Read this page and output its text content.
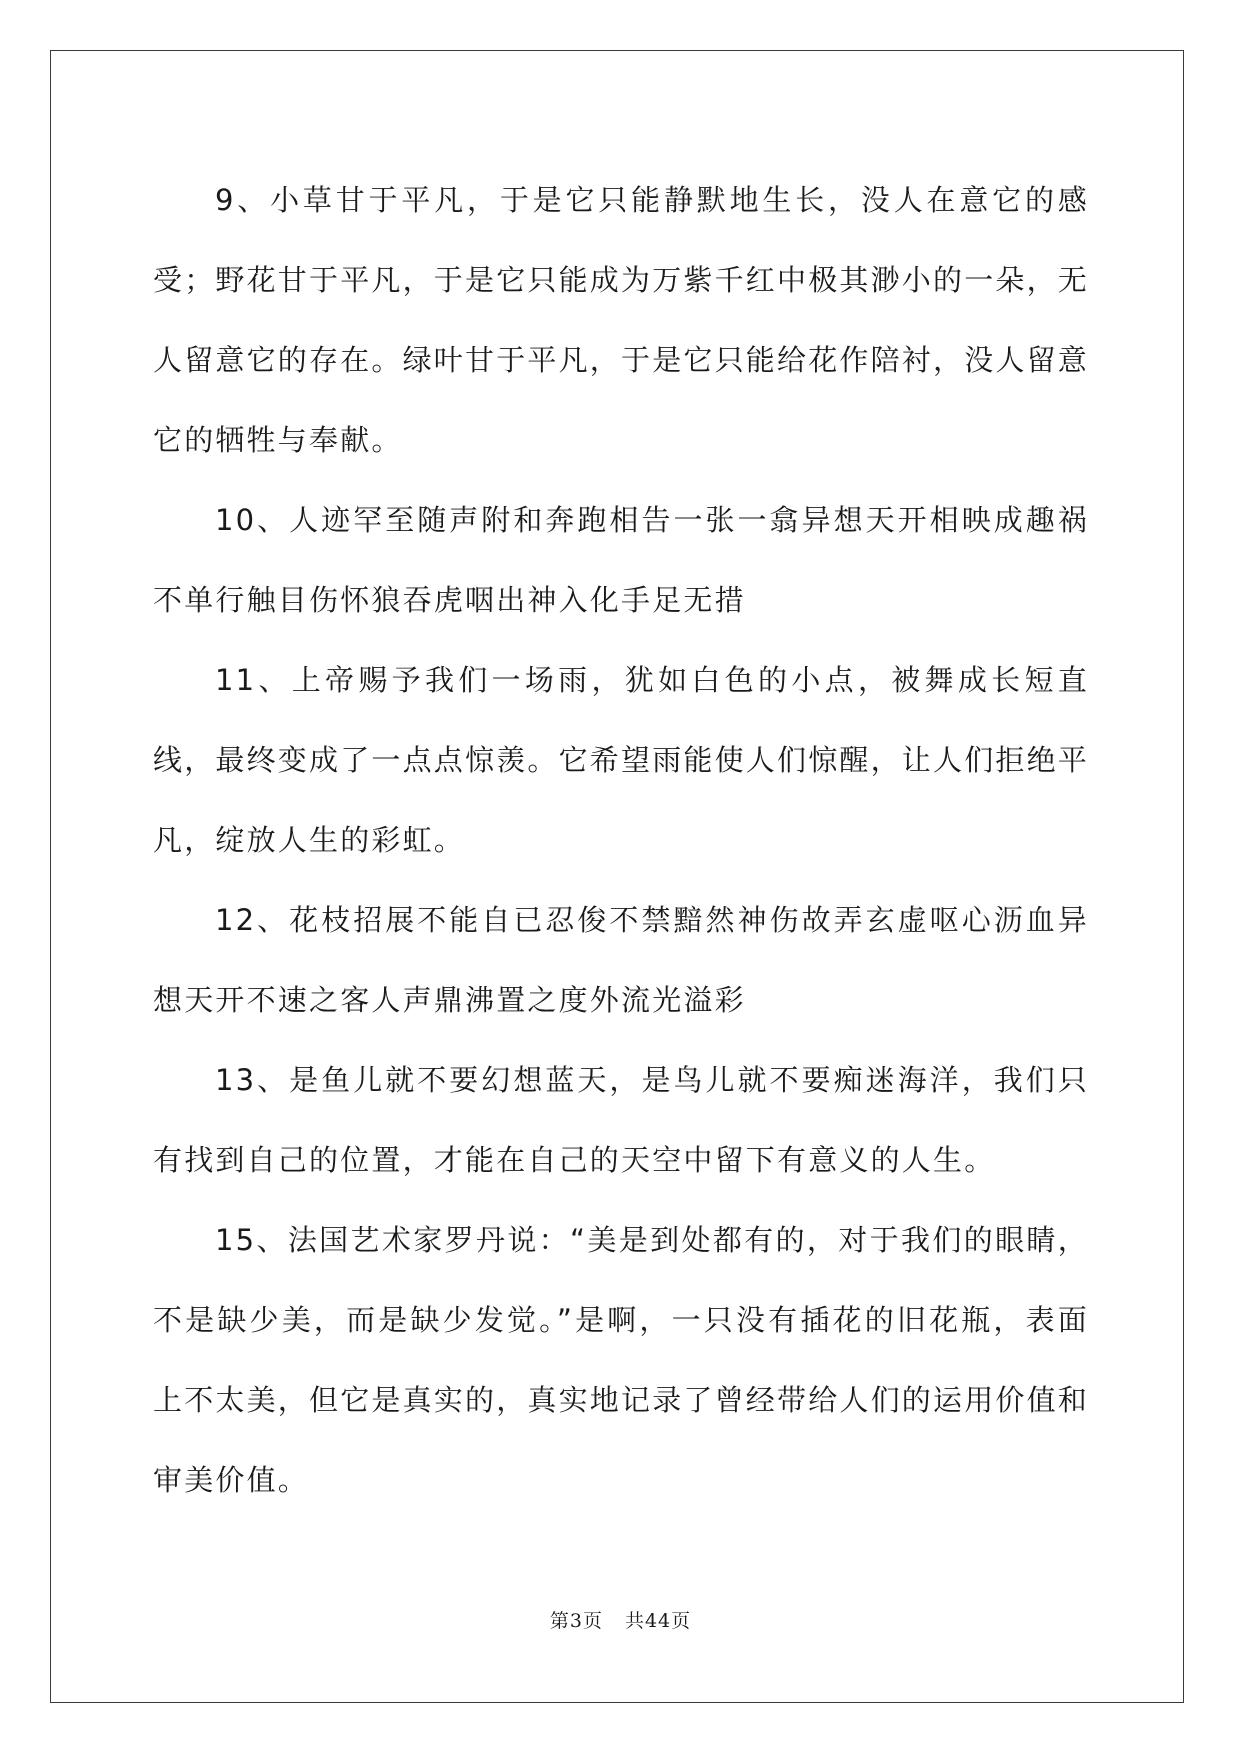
9、小草甘于平凡，于是它只能静默地生长，没人在意它的感受；野花甘于平凡，于是它只能成为万紫千红中极其渺小的一朵，无人留意它的存在。绿叶甘于平凡，于是它只能给花作陪衬，没人留意它的牺牲与奉献。

10、人迹罕至随声附和奔跑相告一张一翕异想天开相映成趣祸不单行触目伤怀狼吞虎咽出神入化手足无措

11、上帝赐予我们一场雨，犹如白色的小点，被舞成长短直线，最终变成了一点点惊羡。它希望雨能使人们惊醒，让人们拒绝平凡，绽放人生的彩虹。

12、花枝招展不能自已忍俊不禁黯然神伤故弄玄虚呕心沥血异想天开不速之客人声鼎沸置之度外流光溢彩

13、是鱼儿就不要幻想蓝天，是鸟儿就不要痴迷海洋，我们只有找到自己的位置，才能在自己的天空中留下有意义的人生。

15、法国艺术家罗丹说：“美是到处都有的，对于我们的眼睛，不是缺少美，而是缺少发觉。”是啊，一只没有插花的旧花瓶，表面上不太美，但它是真实的，真实地记录了曾经带给人们的运用价值和审美价值。

第3页 共44页
